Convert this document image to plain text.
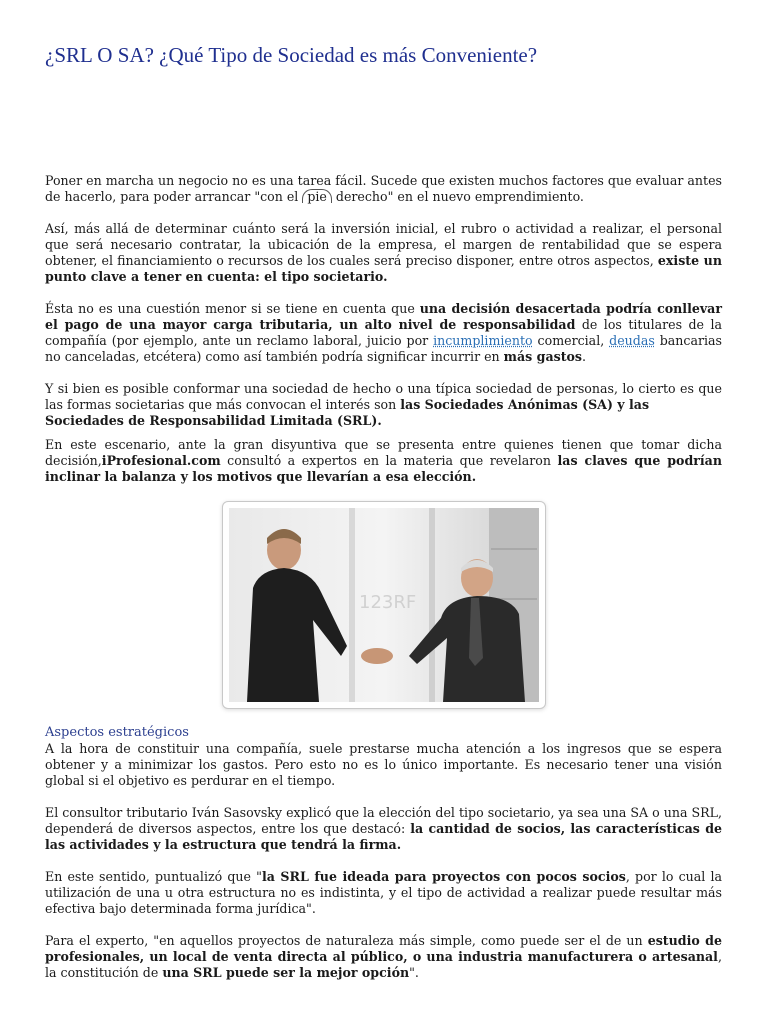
¿SRL O SA? ¿Qué Tipo de Sociedad es más Conveniente?

Poner en marcha un negocio no es una tarea fácil. Sucede que existen muchos factores que evaluar antes de hacerlo, para poder arrancar "con el pie derecho" en el nuevo emprendimiento.

Así, más allá de determinar cuánto será la inversión inicial, el rubro o actividad a realizar, el personal que será necesario contratar, la ubicación de la empresa, el margen de rentabilidad que se espera obtener, el financiamiento o recursos de los cuales será preciso disponer, entre otros aspectos, existe un punto clave a tener en cuenta: el tipo societario.

Ésta no es una cuestión menor si se tiene en cuenta que una decisión desacertada podría conllevar el pago de una mayor carga tributaria, un alto nivel de responsabilidad de los titulares de la compañía (por ejemplo, ante un reclamo laboral, juicio por incumplimiento comercial, deudas bancarias no canceladas, etcétera) como así también podría significar incurrir en más gastos.

Y si bien es posible conformar una sociedad de hecho o una típica sociedad de personas, lo cierto es que las formas societarias que más convocan el interés son las Sociedades Anónimas (SA) y las
Sociedades de Responsabilidad Limitada (SRL).

En este escenario, ante la gran disyuntiva que se presenta entre quienes tienen que tomar dicha decisión,iProfesional.com consultó a expertos en la materia que revelaron las claves que podrían inclinar la balanza y los motivos que llevarían a esa elección.

123RF
Aspectos estratégicos

A la hora de constituir una compañía, suele prestarse mucha atención a los ingresos que se espera obtener y a minimizar los gastos. Pero esto no es lo único importante. Es necesario tener una visión global si el objetivo es perdurar en el tiempo.

El consultor tributario Iván Sasovsky explicó que la elección del tipo societario, ya sea una SA o una SRL, dependerá de diversos aspectos, entre los que destacó: la cantidad de socios, las características de las actividades y la estructura que tendrá la firma.

En este sentido, puntualizó que "la SRL fue ideada para proyectos con pocos socios, por lo cual la utilización de una u otra estructura no es indistinta, y el tipo de actividad a realizar puede resultar más efectiva bajo determinada forma jurídica".

Para el experto, "en aquellos proyectos de naturaleza más simple, como puede ser el de un estudio de profesionales, un local de venta directa al público, o una industria manufacturera o artesanal, la constitución de una SRL puede ser la mejor opción".
